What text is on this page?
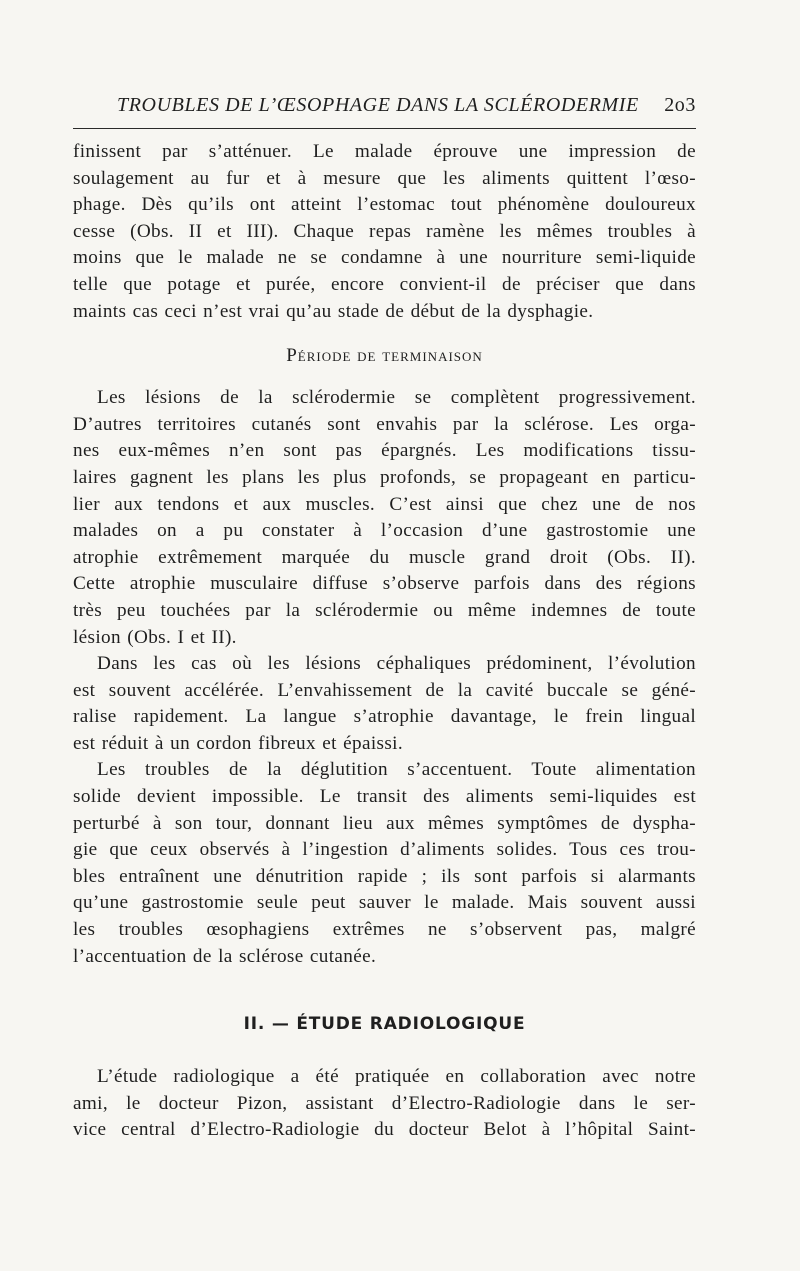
TROUBLES DE L’ŒSOPHAGE DANS LA SCLÉRODERMIE 2o3

finissent par s’atténuer. Le malade éprouve une impression de
soulagement au fur et à mesure que les aliments quittent l’œso-
phage. Dès qu’ils ont atteint l’estomac tout phénomène douloureux
cesse (Obs. II et III). Chaque repas ramène les mêmes troubles à
moins que le malade ne se condamne à une nourriture semi-liquide
telle que potage et purée, encore convient-il de préciser que dans
maints cas ceci n’est vrai qu’au stade de début de la dysphagie.

Période de terminaison

Les lésions de la sclérodermie se complètent progressivement.
D’autres territoires cutanés sont envahis par la sclérose. Les orga-
nes eux-mêmes n’en sont pas épargnés. Les modifications tissu-
laires gagnent les plans les plus profonds, se propageant en particu-
lier aux tendons et aux muscles. C’est ainsi que chez une de nos
malades on a pu constater à l’occasion d’une gastrostomie une
atrophie extrêmement marquée du muscle grand droit (Obs. II).
Cette atrophie musculaire diffuse s’observe parfois dans des régions
très peu touchées par la sclérodermie ou même indemnes de toute
lésion (Obs. I et II).

Dans les cas où les lésions céphaliques prédominent, l’évolution
est souvent accélérée. L’envahissement de la cavité buccale se géné-
ralise rapidement. La langue s’atrophie davantage, le frein lingual
est réduit à un cordon fibreux et épaissi.

Les troubles de la déglutition s’accentuent. Toute alimentation
solide devient impossible. Le transit des aliments semi-liquides est
perturbé à son tour, donnant lieu aux mêmes symptômes de dyspha-
gie que ceux observés à l’ingestion d’aliments solides. Tous ces trou-
bles entraînent une dénutrition rapide ; ils sont parfois si alarmants
qu’une gastrostomie seule peut sauver le malade. Mais souvent aussi
les troubles œsophagiens extrêmes ne s’observent pas, malgré
l’accentuation de la sclérose cutanée.

II. — ÉTUDE RADIOLOGIQUE

L’étude radiologique a été pratiquée en collaboration avec notre
ami, le docteur Pizon, assistant d’Electro-Radiologie dans le ser-
vice central d’Electro-Radiologie du docteur Belot à l’hôpital Saint-
